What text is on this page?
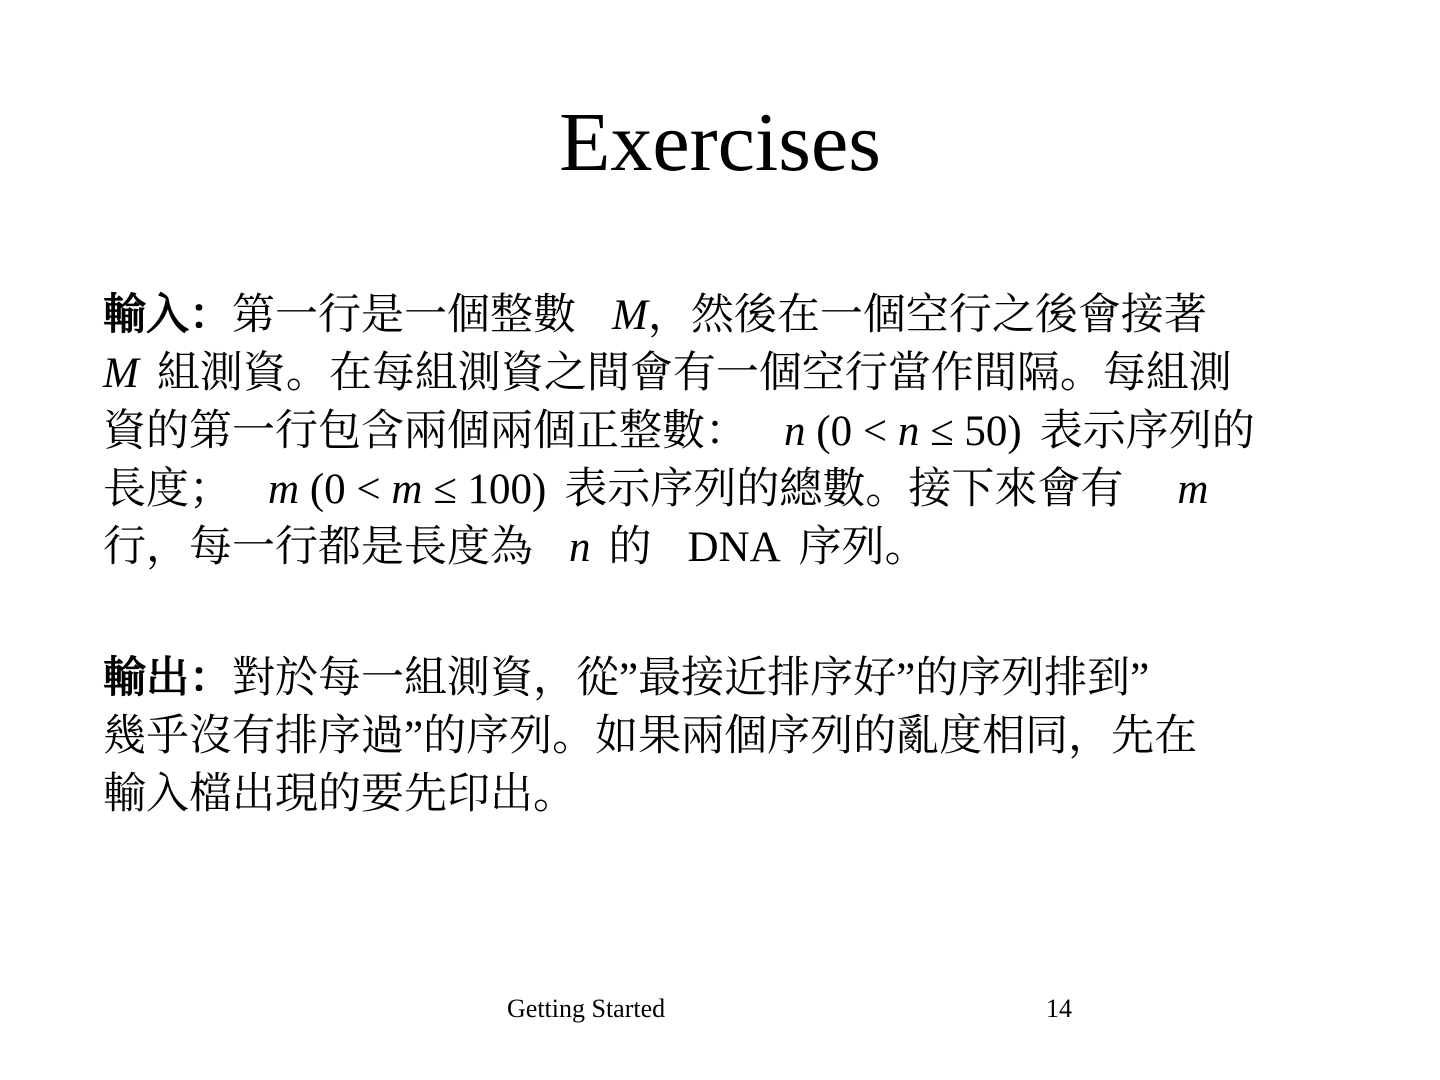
Exercises
輸入：第一行是一個整數 M，然後在一個空行之後會接著
M 組測資。在每組測資之間會有一個空行當作間隔。每組測
資的第一行包含兩個兩個正整數： n (0 < n ≤ 50) 表示序列的
長度； m (0 < m ≤ 100) 表示序列的總數。接下來會有 m
行，每一行都是長度為 n 的 DNA 序列。
輸出：對於每一組測資，從”最接近排序好”的序列排到”
幾乎沒有排序過”的序列。如果兩個序列的亂度相同，先在
輸入檔出現的要先印出。
Getting Started	14
